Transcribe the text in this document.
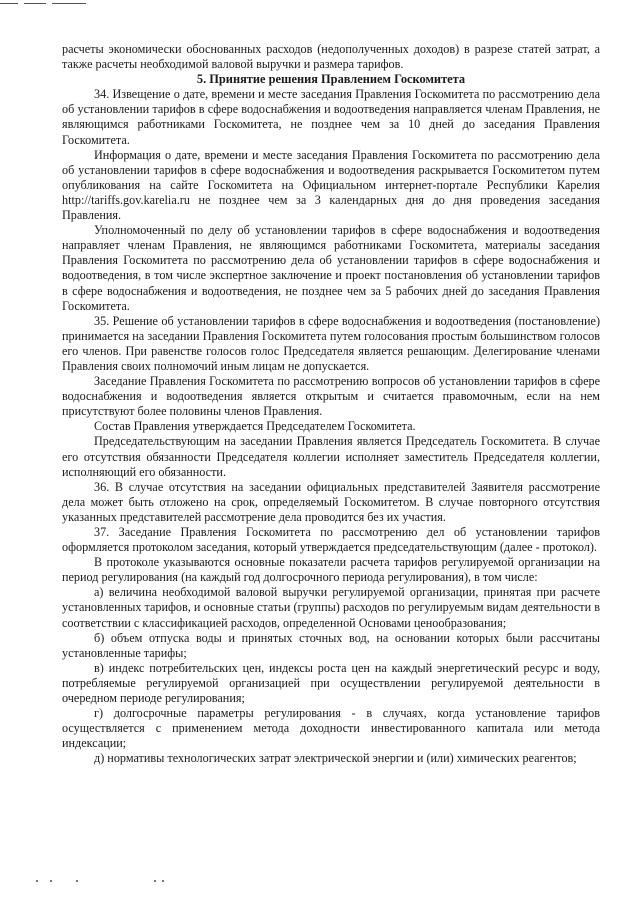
расчеты экономически обоснованных расходов (недополученных доходов) в разрезе статей затрат, а также расчеты необходимой валовой выручки и размера тарифов.

5. Принятие решения Правлением Госкомитета

34. Извещение о дате, времени и месте заседания Правления Госкомитета по рассмотрению дела об установлении тарифов в сфере водоснабжения и водоотведения направляется членам Правления, не являющимся работниками Госкомитета, не позднее чем за 10 дней до заседания Правления Госкомитета.

Информация о дате, времени и месте заседания Правления Госкомитета по рассмотрению дела об установлении тарифов в сфере водоснабжения и водоотведения раскрывается Госкомитетом путем опубликования на сайте Госкомитета на Официальном интернет-портале Республики Карелия http://tariffs.gov.karelia.ru не позднее чем за 3 календарных дня до дня проведения заседания Правления.

Уполномоченный по делу об установлении тарифов в сфере водоснабжения и водоотведения направляет членам Правления, не являющимся работниками Госкомитета, материалы заседания Правления Госкомитета по рассмотрению дела об установлении тарифов в сфере водоснабжения и водоотведения, в том числе экспертное заключение и проект постановления об установлении тарифов в сфере водоснабжения и водоотведения, не позднее чем за 5 рабочих дней до заседания Правления Госкомитета.

35. Решение об установлении тарифов в сфере водоснабжения и водоотведения (постановление) принимается на заседании Правления Госкомитета путем голосования простым большинством голосов его членов. При равенстве голосов голос Председателя является решающим. Делегирование членами Правления своих полномочий иным лицам не допускается.

Заседание Правления Госкомитета по рассмотрению вопросов об установлении тарифов в сфере водоснабжения и водоотведения является открытым и считается правомочным, если на нем присутствуют более половины членов Правления.

Состав Правления утверждается Председателем Госкомитета.

Председательствующим на заседании Правления является Председатель Госкомитета. В случае его отсутствия обязанности Председателя коллегии исполняет заместитель Председателя коллегии, исполняющий его обязанности.

36. В случае отсутствия на заседании официальных представителей Заявителя рассмотрение дела может быть отложено на срок, определяемый Госкомитетом. В случае повторного отсутствия указанных представителей рассмотрение дела проводится без их участия.

37. Заседание Правления Госкомитета по рассмотрению дел об установлении тарифов оформляется протоколом заседания, который утверждается председательствующим (далее - протокол).

В протоколе указываются основные показатели расчета тарифов регулируемой организации на период регулирования (на каждый год долгосрочного периода регулирования), в том числе:

а) величина необходимой валовой выручки регулируемой организации, принятая при расчете установленных тарифов, и основные статьи (группы) расходов по регулируемым видам деятельности в соответствии с классификацией расходов, определенной Основами ценообразования;

б) объем отпуска воды и принятых сточных вод, на основании которых были рассчитаны установленные тарифы;

в) индекс потребительских цен, индексы роста цен на каждый энергетический ресурс и воду, потребляемые регулируемой организацией при осуществлении регулируемой деятельности в очередном периоде регулирования;

г) долгосрочные параметры регулирования - в случаях, когда установление тарифов осуществляется с применением метода доходности инвестированного капитала или метода индексации;

д) нормативы технологических затрат электрической энергии и (или) химических реагентов;
